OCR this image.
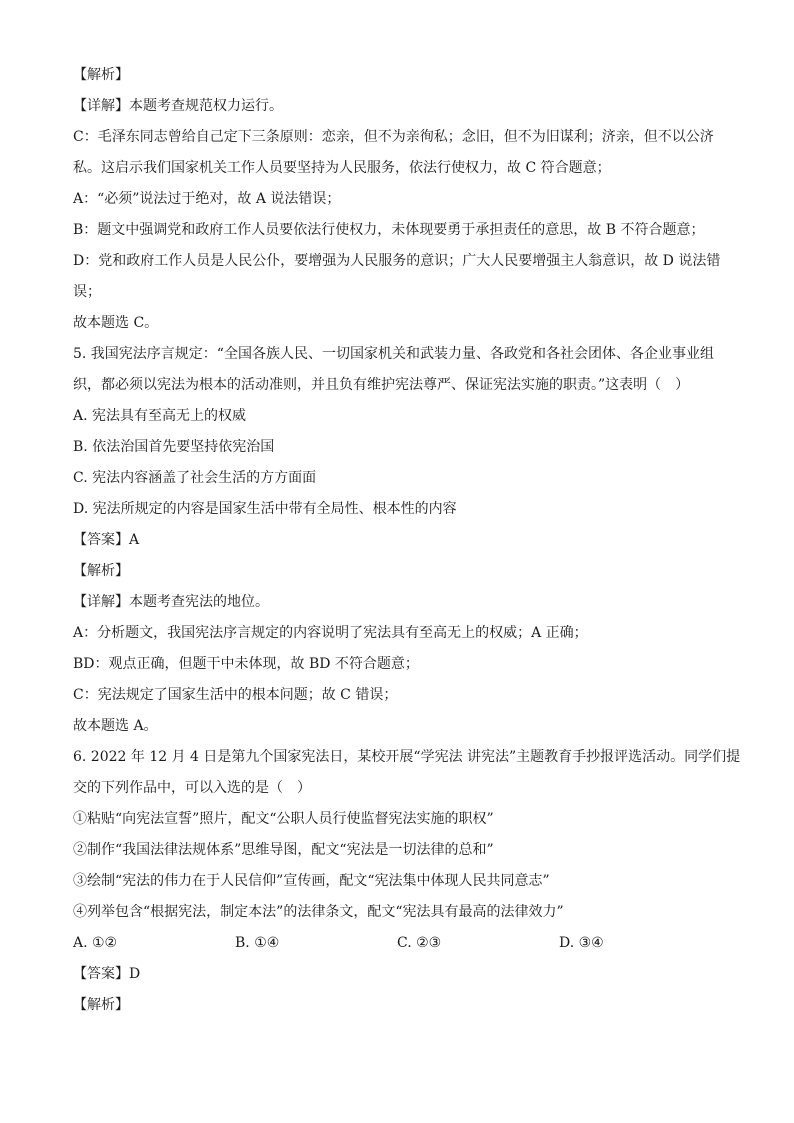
【解析】

【详解】本题考查规范权力运行。

C：毛泽东同志曾给自己定下三条原则：恋亲，但不为亲徇私；念旧，但不为旧谋利；济亲，但不以公济

私。这启示我们国家机关工作人员要坚持为人民服务，依法行使权力，故 C 符合题意；

A：“必须”说法过于绝对，故 A 说法错误；

B：题文中强调党和政府工作人员要依法行使权力，未体现要勇于承担责任的意思，故 B 不符合题意；

D：党和政府工作人员是人民公仆，要增强为人民服务的意识；广大人民要增强主人翁意识，故 D 说法错

误；

故本题选 C。

5. 我国宪法序言规定：“全国各族人民、一切国家机关和武装力量、各政党和各社会团体、各企业事业组

织，都必须以宪法为根本的活动准则，并且负有维护宪法尊严、保证宪法实施的职责。”这表明（　）

A. 宪法具有至高无上的权威

B. 依法治国首先要坚持依宪治国

C. 宪法内容涵盖了社会生活的方方面面

D. 宪法所规定的内容是国家生活中带有全局性、根本性的内容

【答案】A

【解析】

【详解】本题考查宪法的地位。

A：分析题文，我国宪法序言规定的内容说明了宪法具有至高无上的权威；A 正确；

BD：观点正确，但题干中未体现，故 BD 不符合题意；

C：宪法规定了国家生活中的根本问题；故 C 错误；

故本题选 A。

6. 2022 年 12 月 4 日是第九个国家宪法日，某校开展“学宪法 讲宪法”主题教育手抄报评选活动。同学们提

交的下列作品中，可以入选的是（　）

①粘贴“向宪法宣誓”照片，配文“公职人员行使监督宪法实施的职权”

②制作“我国法律法规体系”思维导图，配文“宪法是一切法律的总和”

③绘制“宪法的伟力在于人民信仰”宣传画，配文“宪法集中体现人民共同意志”

④列举包含“根据宪法，制定本法”的法律条文，配文“宪法具有最高的法律效力”

A. ①②	B. ①④	C. ②③	D. ③④

【答案】D

【解析】
